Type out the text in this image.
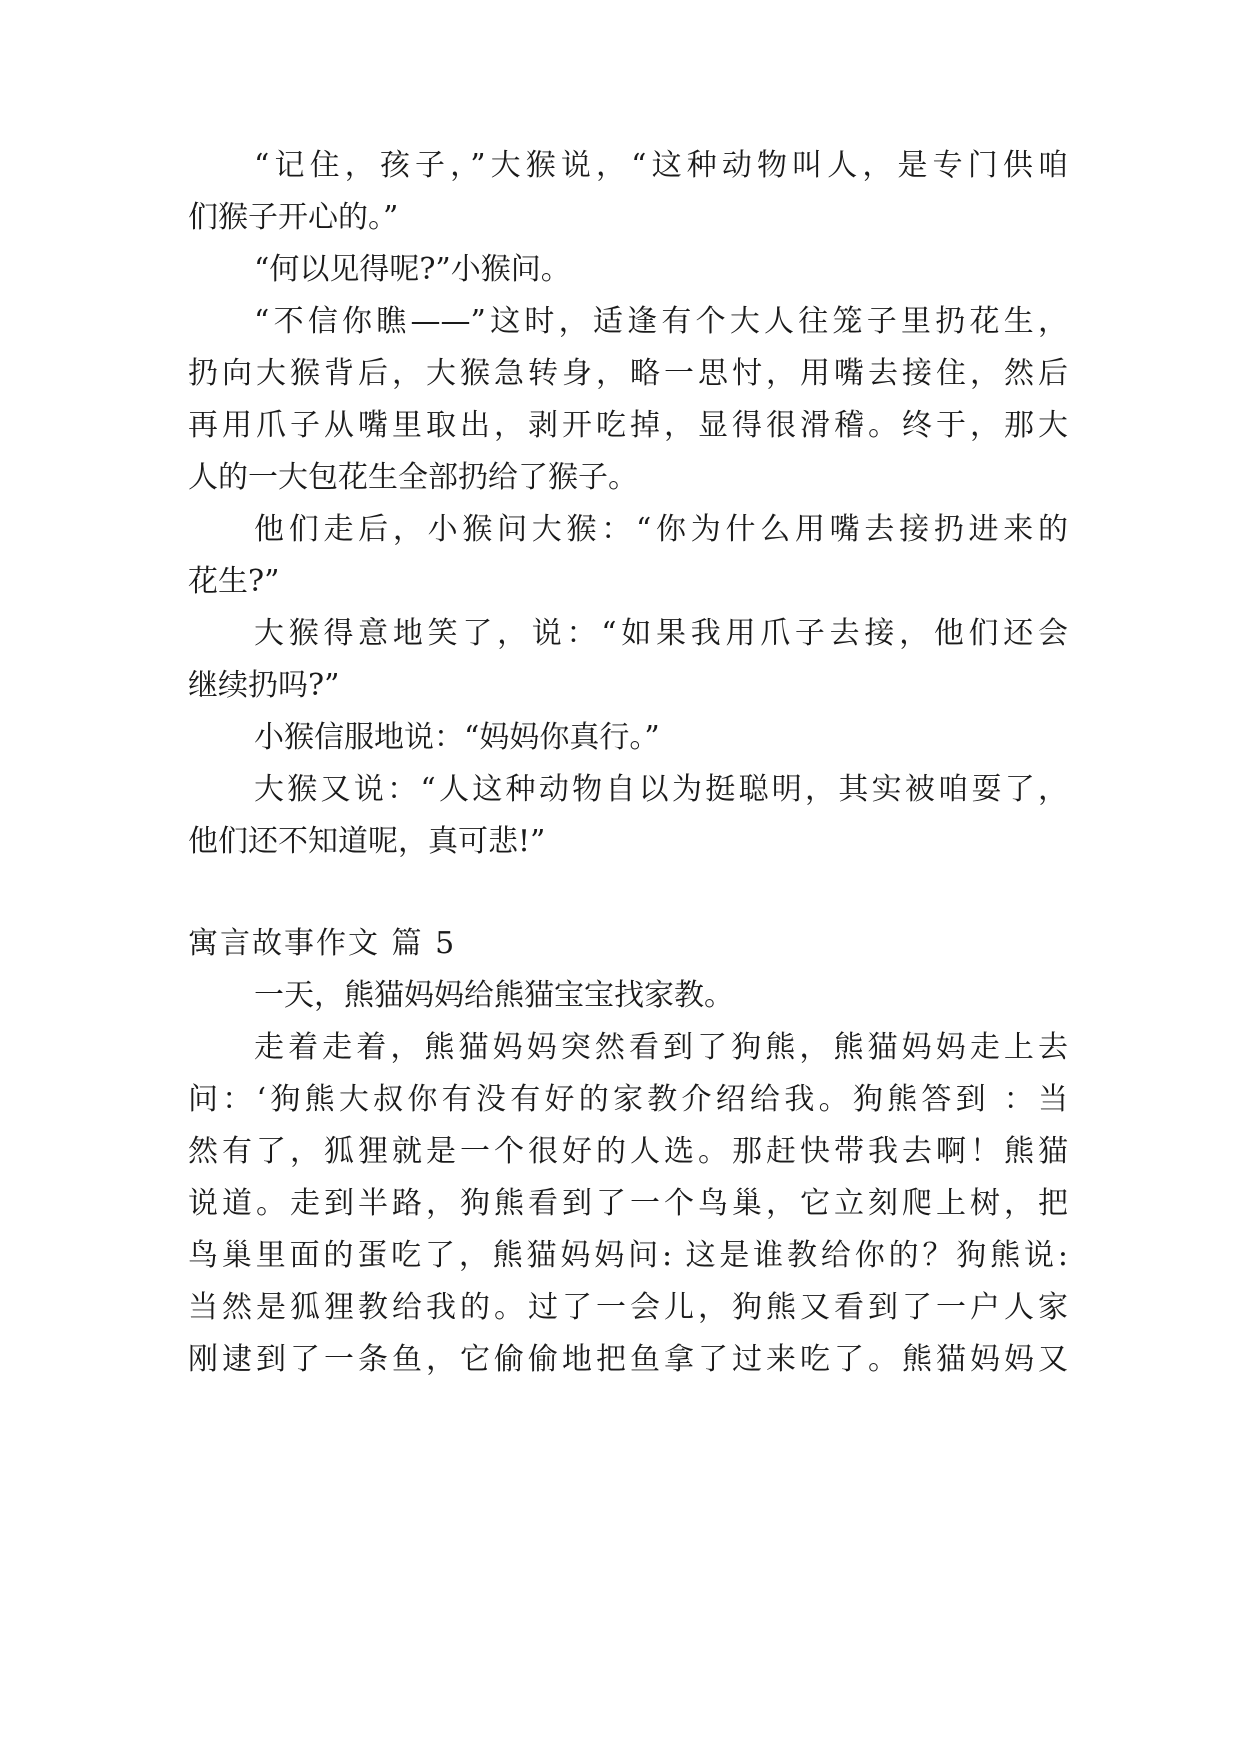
“记住，孩子，”大猴说，“这种动物叫人，是专门供咱
们猴子开心的。”
“何以见得呢?”小猴问。
“不信你瞧——”这时，适逢有个大人往笼子里扔花生，
扔向大猴背后，大猴急转身，略一思忖，用嘴去接住，然后
再用爪子从嘴里取出，剥开吃掉，显得很滑稽。终于，那大
人的一大包花生全部扔给了猴子。
他们走后，小猴问大猴：“你为什么用嘴去接扔进来的
花生?”
大猴得意地笑了，说：“如果我用爪子去接，他们还会
继续扔吗?”
小猴信服地说：“妈妈你真行。”
大猴又说：“人这种动物自以为挺聪明，其实被咱耍了，
他们还不知道呢，真可悲!”
寓言故事作文 篇 5
一天，熊猫妈妈给熊猫宝宝找家教。
走着走着，熊猫妈妈突然看到了狗熊，熊猫妈妈走上去
问：‘狗熊大叔你有没有好的家教介绍给我。狗熊答到 ：当
然有了，狐狸就是一个很好的人选。那赶快带我去啊！熊猫
说道。走到半路，狗熊看到了一个鸟巢，它立刻爬上树，把
鸟巢里面的蛋吃了，熊猫妈妈问: 这是谁教给你的？狗熊说:
当然是狐狸教给我的。过了一会儿，狗熊又看到了一户人家
刚逮到了一条鱼，它偷偷地把鱼拿了过来吃了。熊猫妈妈又
